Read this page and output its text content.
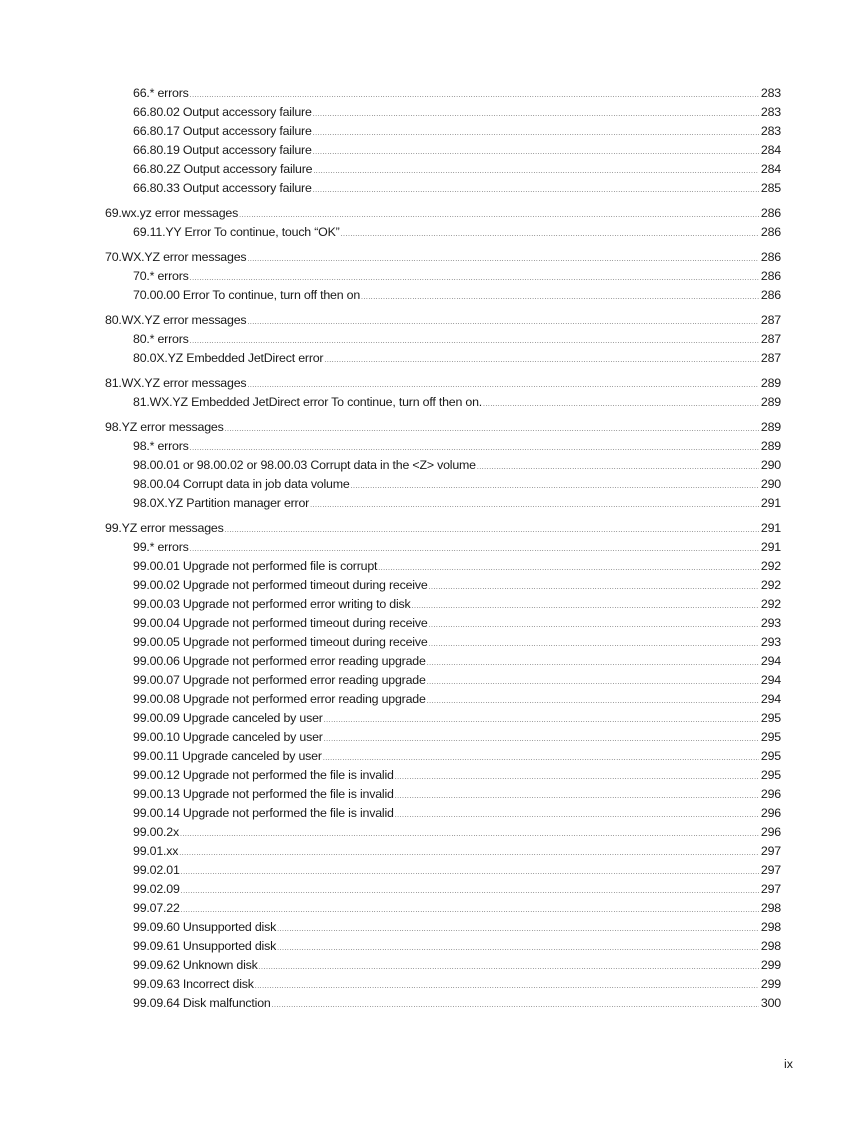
66.* errors .....	283
66.80.02 Output accessory failure .....	283
66.80.17 Output accessory failure .....	283
66.80.19 Output accessory failure .....	284
66.80.2Z Output accessory failure .....	284
66.80.33 Output accessory failure .....	285
69.wx.yz error messages .....	286
69.11.YY Error To continue, touch “OK” .....	286
70.WX.YZ error messages .....	286
70.* errors .....	286
70.00.00 Error To continue, turn off then on .....	286
80.WX.YZ error messages .....	287
80.* errors .....	287
80.0X.YZ Embedded JetDirect error .....	287
81.WX.YZ error messages .....	289
81.WX.YZ Embedded JetDirect error To continue, turn off then on. .....	289
98.YZ error messages .....	289
98.* errors .....	289
98.00.01 or 98.00.02 or 98.00.03 Corrupt data in the <Z> volume .....	290
98.00.04 Corrupt data in job data volume .....	290
98.0X.YZ Partition manager error .....	291
99.YZ error messages .....	291
99.* errors .....	291
99.00.01 Upgrade not performed file is corrupt .....	292
99.00.02 Upgrade not performed timeout during receive .....	292
99.00.03 Upgrade not performed error writing to disk .....	292
99.00.04 Upgrade not performed timeout during receive .....	293
99.00.05 Upgrade not performed timeout during receive .....	293
99.00.06 Upgrade not performed error reading upgrade .....	294
99.00.07 Upgrade not performed error reading upgrade .....	294
99.00.08 Upgrade not performed error reading upgrade .....	294
99.00.09 Upgrade canceled by user .....	295
99.00.10 Upgrade canceled by user .....	295
99.00.11 Upgrade canceled by user .....	295
99.00.12 Upgrade not performed the file is invalid .....	295
99.00.13 Upgrade not performed the file is invalid .....	296
99.00.14 Upgrade not performed the file is invalid .....	296
99.00.2x .....	296
99.01.xx .....	297
99.02.01 .....	297
99.02.09 .....	297
99.07.22 .....	298
99.09.60 Unsupported disk .....	298
99.09.61 Unsupported disk .....	298
99.09.62 Unknown disk .....	299
99.09.63 Incorrect disk .....	299
99.09.64 Disk malfunction .....	300
ix
